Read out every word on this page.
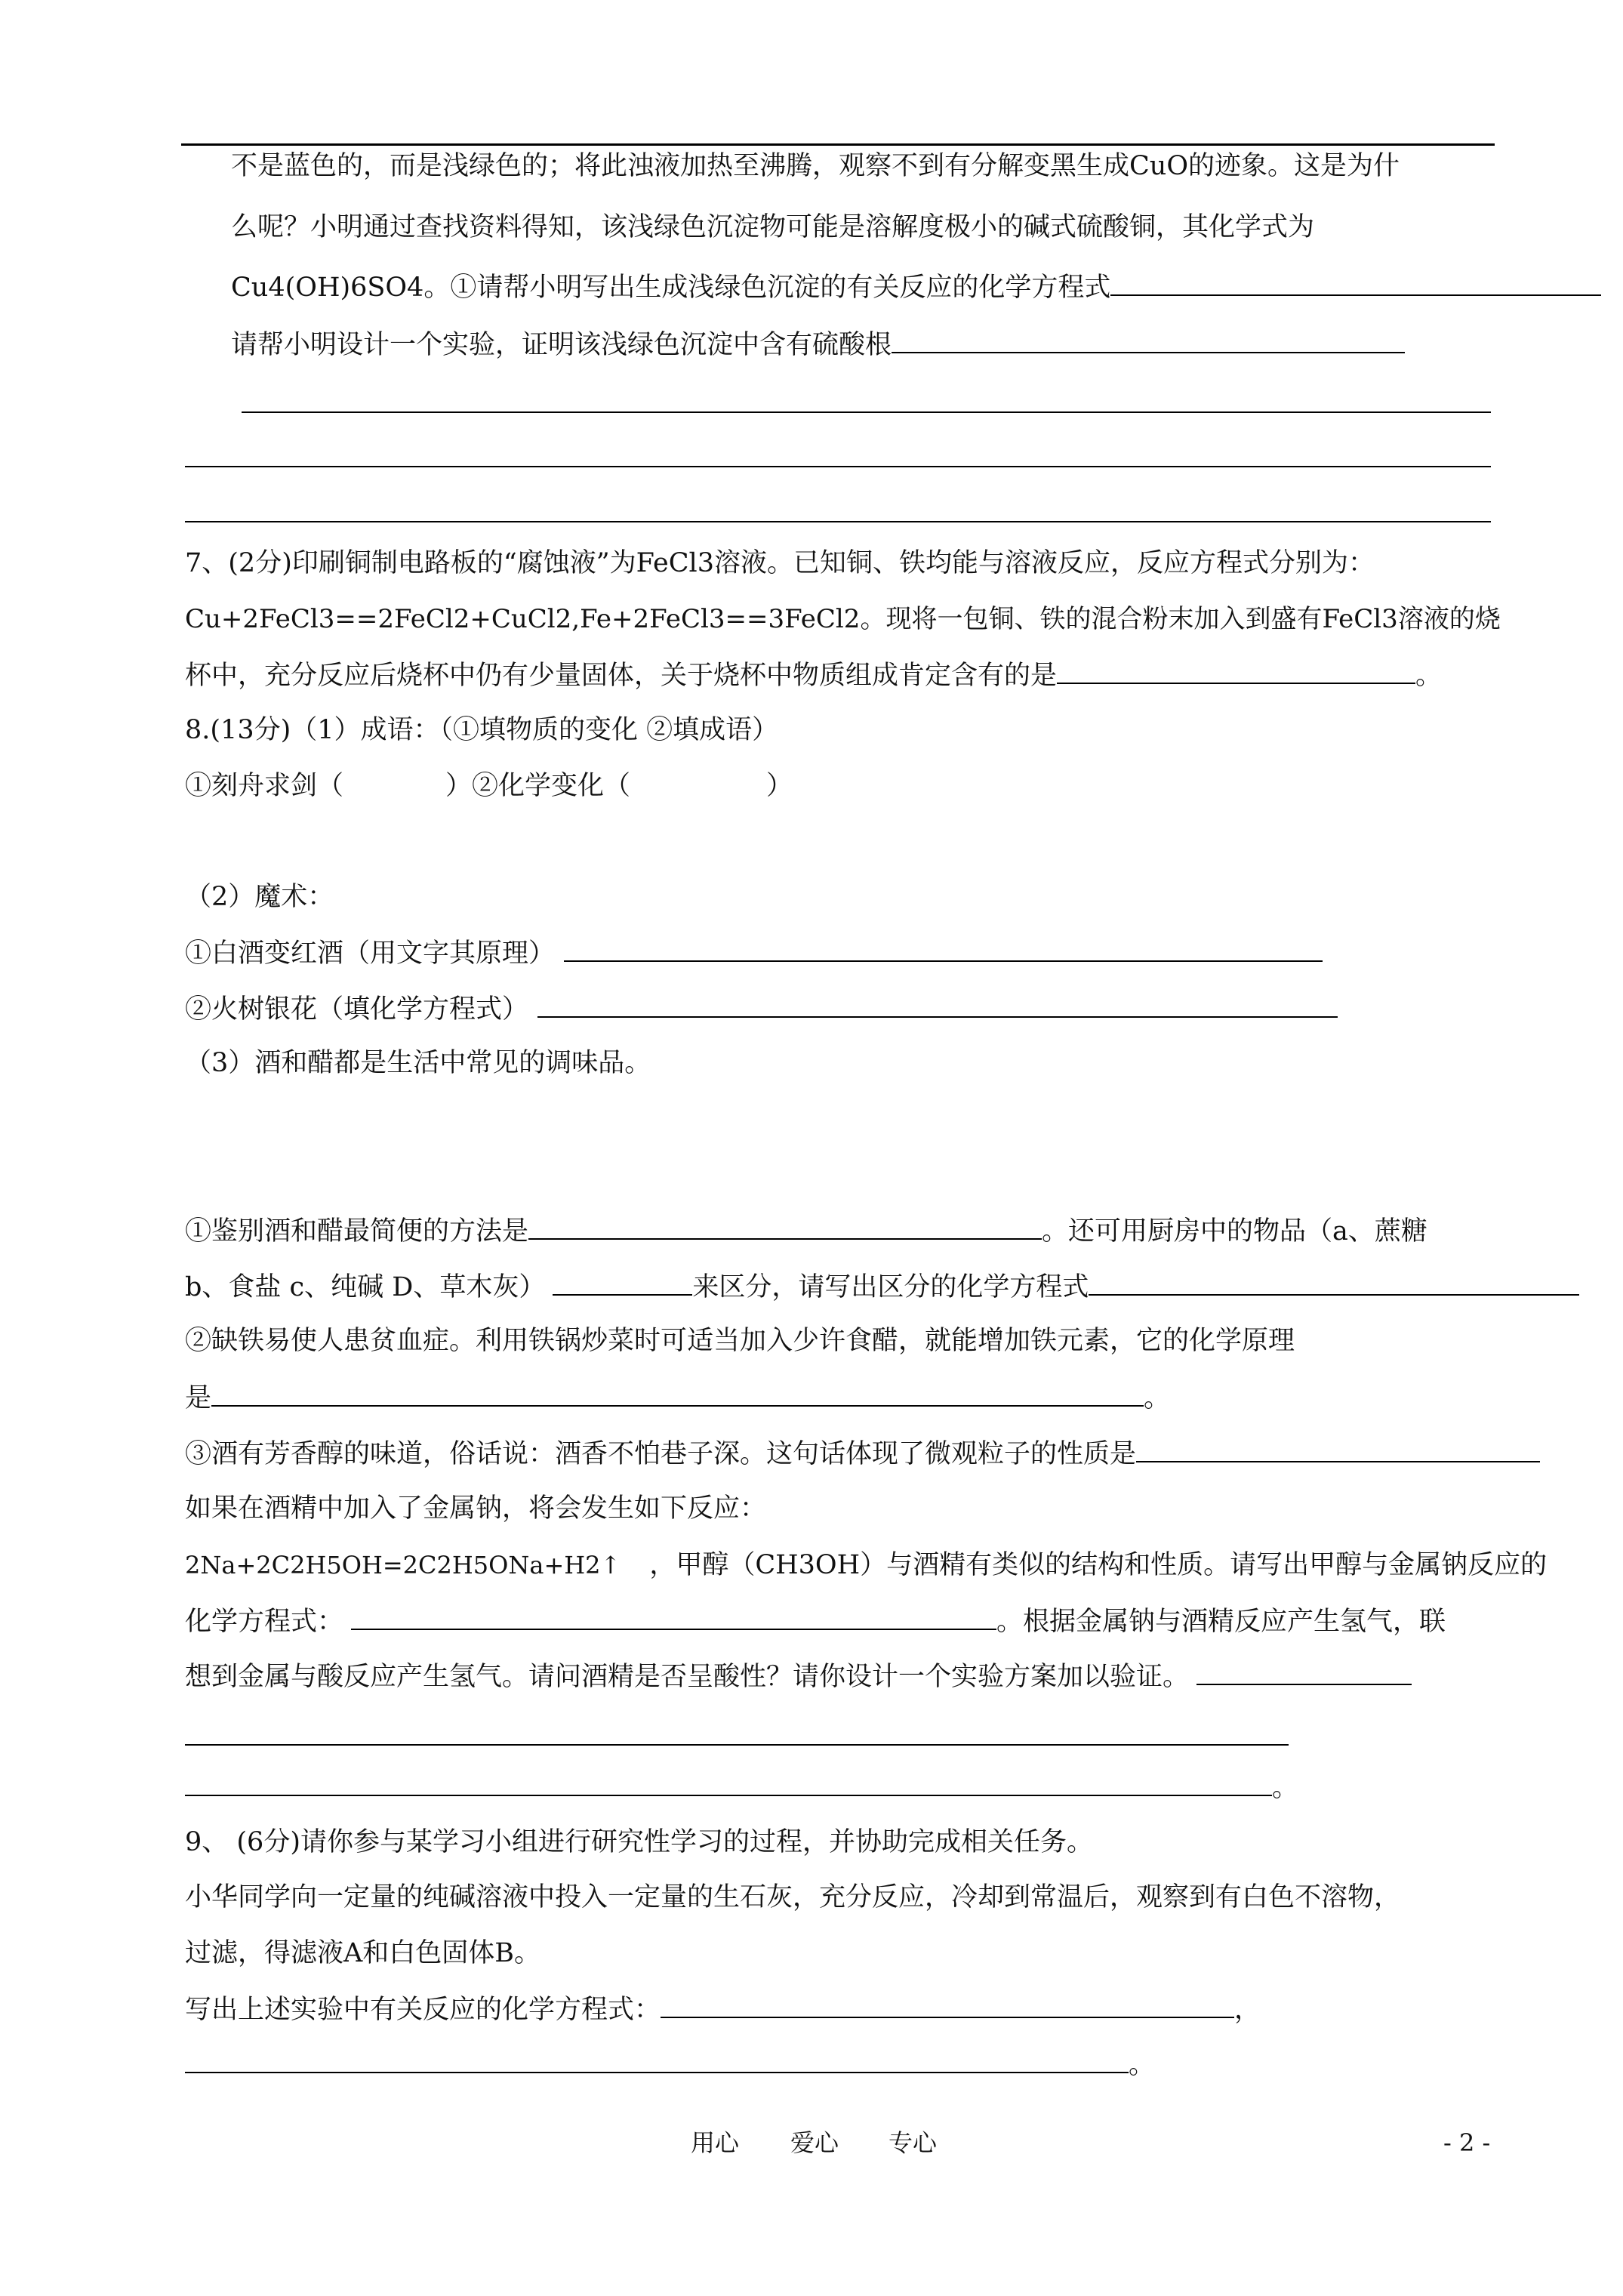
不是蓝色的，而是浅绿色的；将此浊液加热至沸腾，观察不到有分解变黑生成CuO的迹象。这是为什
么呢？小明通过查找资料得知，该浅绿色沉淀物可能是溶解度极小的碱式硫酸铜，其化学式为
Cu4(OH)6SO4。①请帮小明写出生成浅绿色沉淀的有关反应的化学方程式
请帮小明设计一个实验，证明该浅绿色沉淀中含有硫酸根
7、(2分)印刷铜制电路板的“腐蚀液”为FeCl3溶液。已知铜、铁均能与溶液反应，反应方程式分别为：
Cu+2FeCl3==2FeCl2+CuCl2,Fe+2FeCl3==3FeCl2。现将一包铜、铁的混合粉末加入到盛有FeCl3溶液的烧
杯中，充分反应后烧杯中仍有少量固体，关于烧杯中物质组成肯定含有的是	。
8.(13分)（1）成语：（①填物质的变化 ②填成语）
①刻舟求剑（	）②化学变化（	）
（2）魔术：
①白酒变红酒（用文字其原理）
②火树银花（填化学方程式）
（3）酒和醋都是生活中常见的调味品。
①鉴别酒和醋最简便的方法是	。还可用厨房中的物品（a、蔗糖
b、食盐 c、纯碱 D、草木灰）	来区分，请写出区分的化学方程式
②缺铁易使人患贫血症。利用铁锅炒菜时可适当加入少许食醋，就能增加铁元素，它的化学原理
是	。
③酒有芳香醇的味道，俗话说：酒香不怕巷子深。这句话体现了微观粒子的性质是
如果在酒精中加入了金属钠，将会发生如下反应：
2Na+2C2H5OH=2C2H5ONa+H2↑ ，甲醇（CH3OH）与酒精有类似的结构和性质。请写出甲醇与金属钠反应的
化学方程式：	。根据金属钠与酒精反应产生氢气，联
想到金属与酸反应产生氢气。请问酒精是否呈酸性？请你设计一个实验方案加以验证。
。
9、 (6分)请你参与某学习小组进行研究性学习的过程，并协助完成相关任务。
小华同学向一定量的纯碱溶液中投入一定量的生石灰，充分反应，冷却到常温后，观察到有白色不溶物，
过滤，得滤液A和白色固体B。
写出上述实验中有关反应的化学方程式：	，
。
用心 爱心 专心	- 2 -
